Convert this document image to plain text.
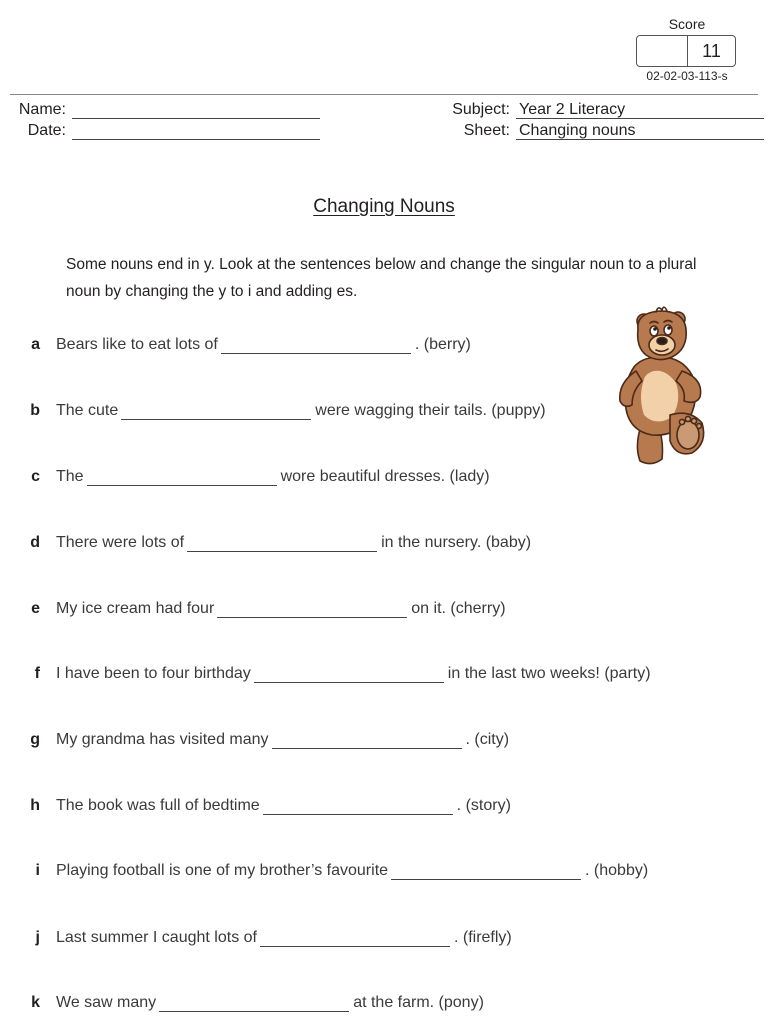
Score
11
02-02-03-113-s
Name:
Date:
Subject: Year 2 Literacy
Sheet: Changing nouns
Changing Nouns
Some nouns end in y. Look at the sentences below and change the singular noun to a plural noun by changing the y to i and adding es.
a	Bears like to eat lots of	. (berry)
b	The cute	were wagging their tails. (puppy)
c	The	wore beautiful dresses. (lady)
d	There were lots of	in the nursery. (baby)
e	My ice cream had four	on it. (cherry)
f	I have been to four birthday	in the last two weeks! (party)
g	My grandma has visited many	. (city)
h	The book was full of bedtime	. (story)
i	Playing football is one of my brother’s favourite	. (hobby)
j	Last summer I caught lots of	. (firefly)
k	We saw many	at the farm. (pony)
